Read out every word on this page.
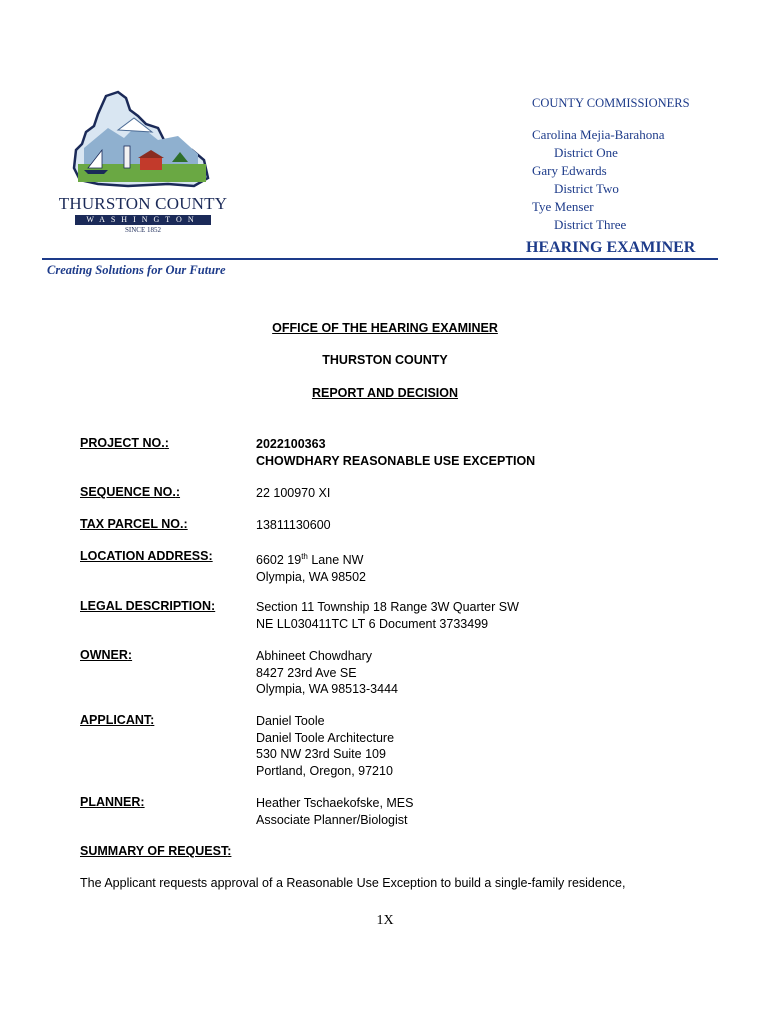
THURSTON COUNTY
WASHINGTON
SINCE 1852
COUNTY COMMISSIONERS
Carolina Mejia-Barahona
District One
Gary Edwards
District Two
Tye Menser
District Three
HEARING EXAMINER
Creating Solutions for Our Future
OFFICE OF THE HEARING EXAMINER
THURSTON COUNTY
REPORT AND DECISION
PROJECT NO.:	2022100363
CHOWDHARY REASONABLE USE EXCEPTION
SEQUENCE NO.:	22 100970 XI
TAX PARCEL NO.:	13811130600
LOCATION ADDRESS:	6602 19th Lane NW
Olympia, WA 98502
LEGAL DESCRIPTION:	Section 11 Township 18 Range 3W Quarter SW
NE LL030411TC LT 6 Document 3733499
OWNER:	Abhineet Chowdhary
8427 23rd Ave SE
Olympia, WA 98513-3444
APPLICANT:	Daniel Toole
Daniel Toole Architecture
530 NW 23rd Suite 109
Portland, Oregon, 97210
PLANNER:	Heather Tschaekofske, MES
Associate Planner/Biologist
SUMMARY OF REQUEST:
The Applicant requests approval of a Reasonable Use Exception to build a single-family residence,
1X
